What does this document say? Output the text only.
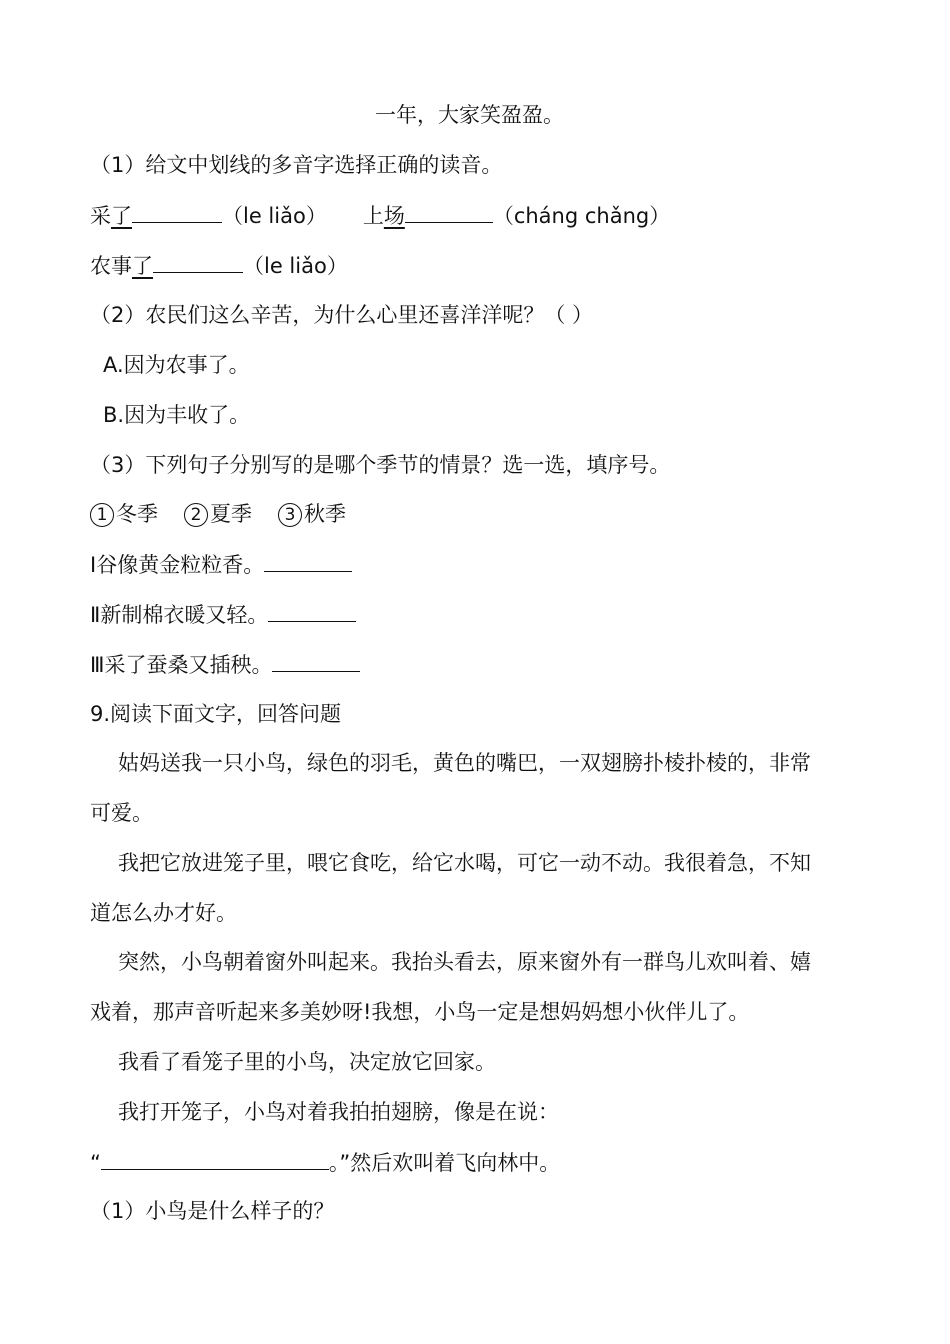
一年，大家笑盈盈。
（1）给文中划线的多音字选择正确的读音。
采了	（le liǎo） 上场	（cháng chǎng）
农事了	（le liǎo）
（2）农民们这么辛苦，为什么心里还喜洋洋呢？（ ）
A.因为农事了。
B.因为丰收了。
（3）下列句子分别写的是哪个季节的情景？选一选，填序号。
1 冬季 2 夏季 3 秋季
Ⅰ谷像黄金粒粒香。
Ⅱ新制棉衣暖又轻。
Ⅲ采了蚕桑又插秧。
9.阅读下面文字，回答问题
姑妈送我一只小鸟，绿色的羽毛，黄色的嘴巴，一双翅膀扑棱扑棱的，非常
可爱。
我把它放进笼子里，喂它食吃，给它水喝，可它一动不动。我很着急，不知
道怎么办才好。
突然，小鸟朝着窗外叫起来。我抬头看去，原来窗外有一群鸟儿欢叫着、嬉
戏着，那声音听起来多美妙呀!我想，小鸟一定是想妈妈想小伙伴儿了。
我看了看笼子里的小鸟，决定放它回家。
我打开笼子，小鸟对着我拍拍翅膀，像是在说：
“	。”然后欢叫着飞向林中。
（1）小鸟是什么样子的？
